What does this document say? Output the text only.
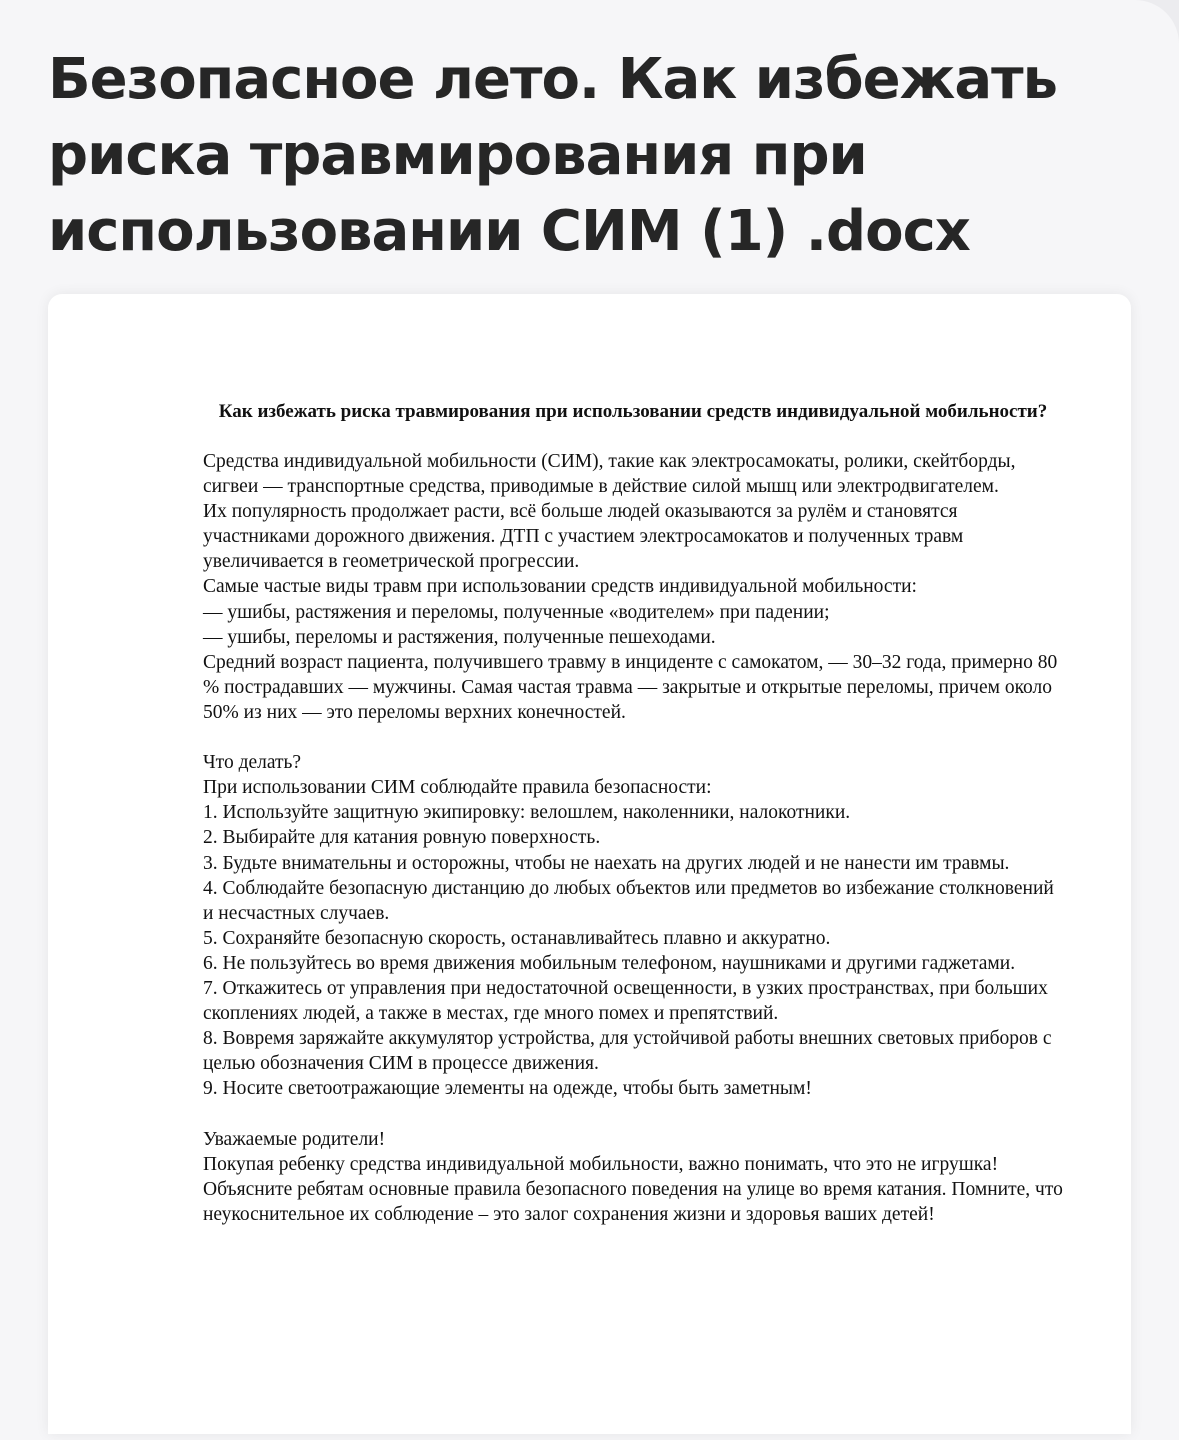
Безопасное лето. Как избежать риска травмирования при использовании СИМ (1) .docx

Как избежать риска травмирования при использовании средств индивидуальной мобильности?

Средства индивидуальной мобильности (СИМ), такие как электросамокаты, ролики, скейтборды, сигвеи — транспортные средства, приводимые в действие силой мышц или электродвигателем.

Их популярность продолжает расти, всё больше людей оказываются за рулём и становятся участниками дорожного движения. ДТП с участием электросамокатов и полученных травм увеличивается в геометрической прогрессии.

Самые частые виды травм при использовании средств индивидуальной мобильности:

— ушибы, растяжения и переломы, полученные «водителем» при падении;

— ушибы, переломы и растяжения, полученные пешеходами.

Средний возраст пациента, получившего травму в инциденте с самокатом, — 30–32 года, примерно 80 % пострадавших — мужчины. Самая частая травма — закрытые и открытые переломы, причем около 50% из них — это переломы верхних конечностей.

Что делать?

При использовании СИМ соблюдайте правила безопасности:

1. Используйте защитную экипировку: велошлем, наколенники, налокотники.

2. Выбирайте для катания ровную поверхность.

3. Будьте внимательны и осторожны, чтобы не наехать на других людей и не нанести им травмы.

4. Соблюдайте безопасную дистанцию до любых объектов или предметов во избежание столкновений и несчастных случаев.

5. Сохраняйте безопасную скорость, останавливайтесь плавно и аккуратно.

6. Не пользуйтесь во время движения мобильным телефоном, наушниками и другими гаджетами.

7. Откажитесь от управления при недостаточной освещенности, в узких пространствах, при больших скоплениях людей, а также в местах, где много помех и препятствий.

8. Вовремя заряжайте аккумулятор устройства, для устойчивой работы внешних световых приборов с целью обозначения СИМ в процессе движения.

9. Носите светоотражающие элементы на одежде, чтобы быть заметным!

Уважаемые родители!

Покупая ребенку средства индивидуальной мобильности, важно понимать, что это не игрушка! Объясните ребятам основные правила безопасного поведения на улице во время катания. Помните, что неукоснительное их соблюдение – это залог сохранения жизни и здоровья ваших детей!
